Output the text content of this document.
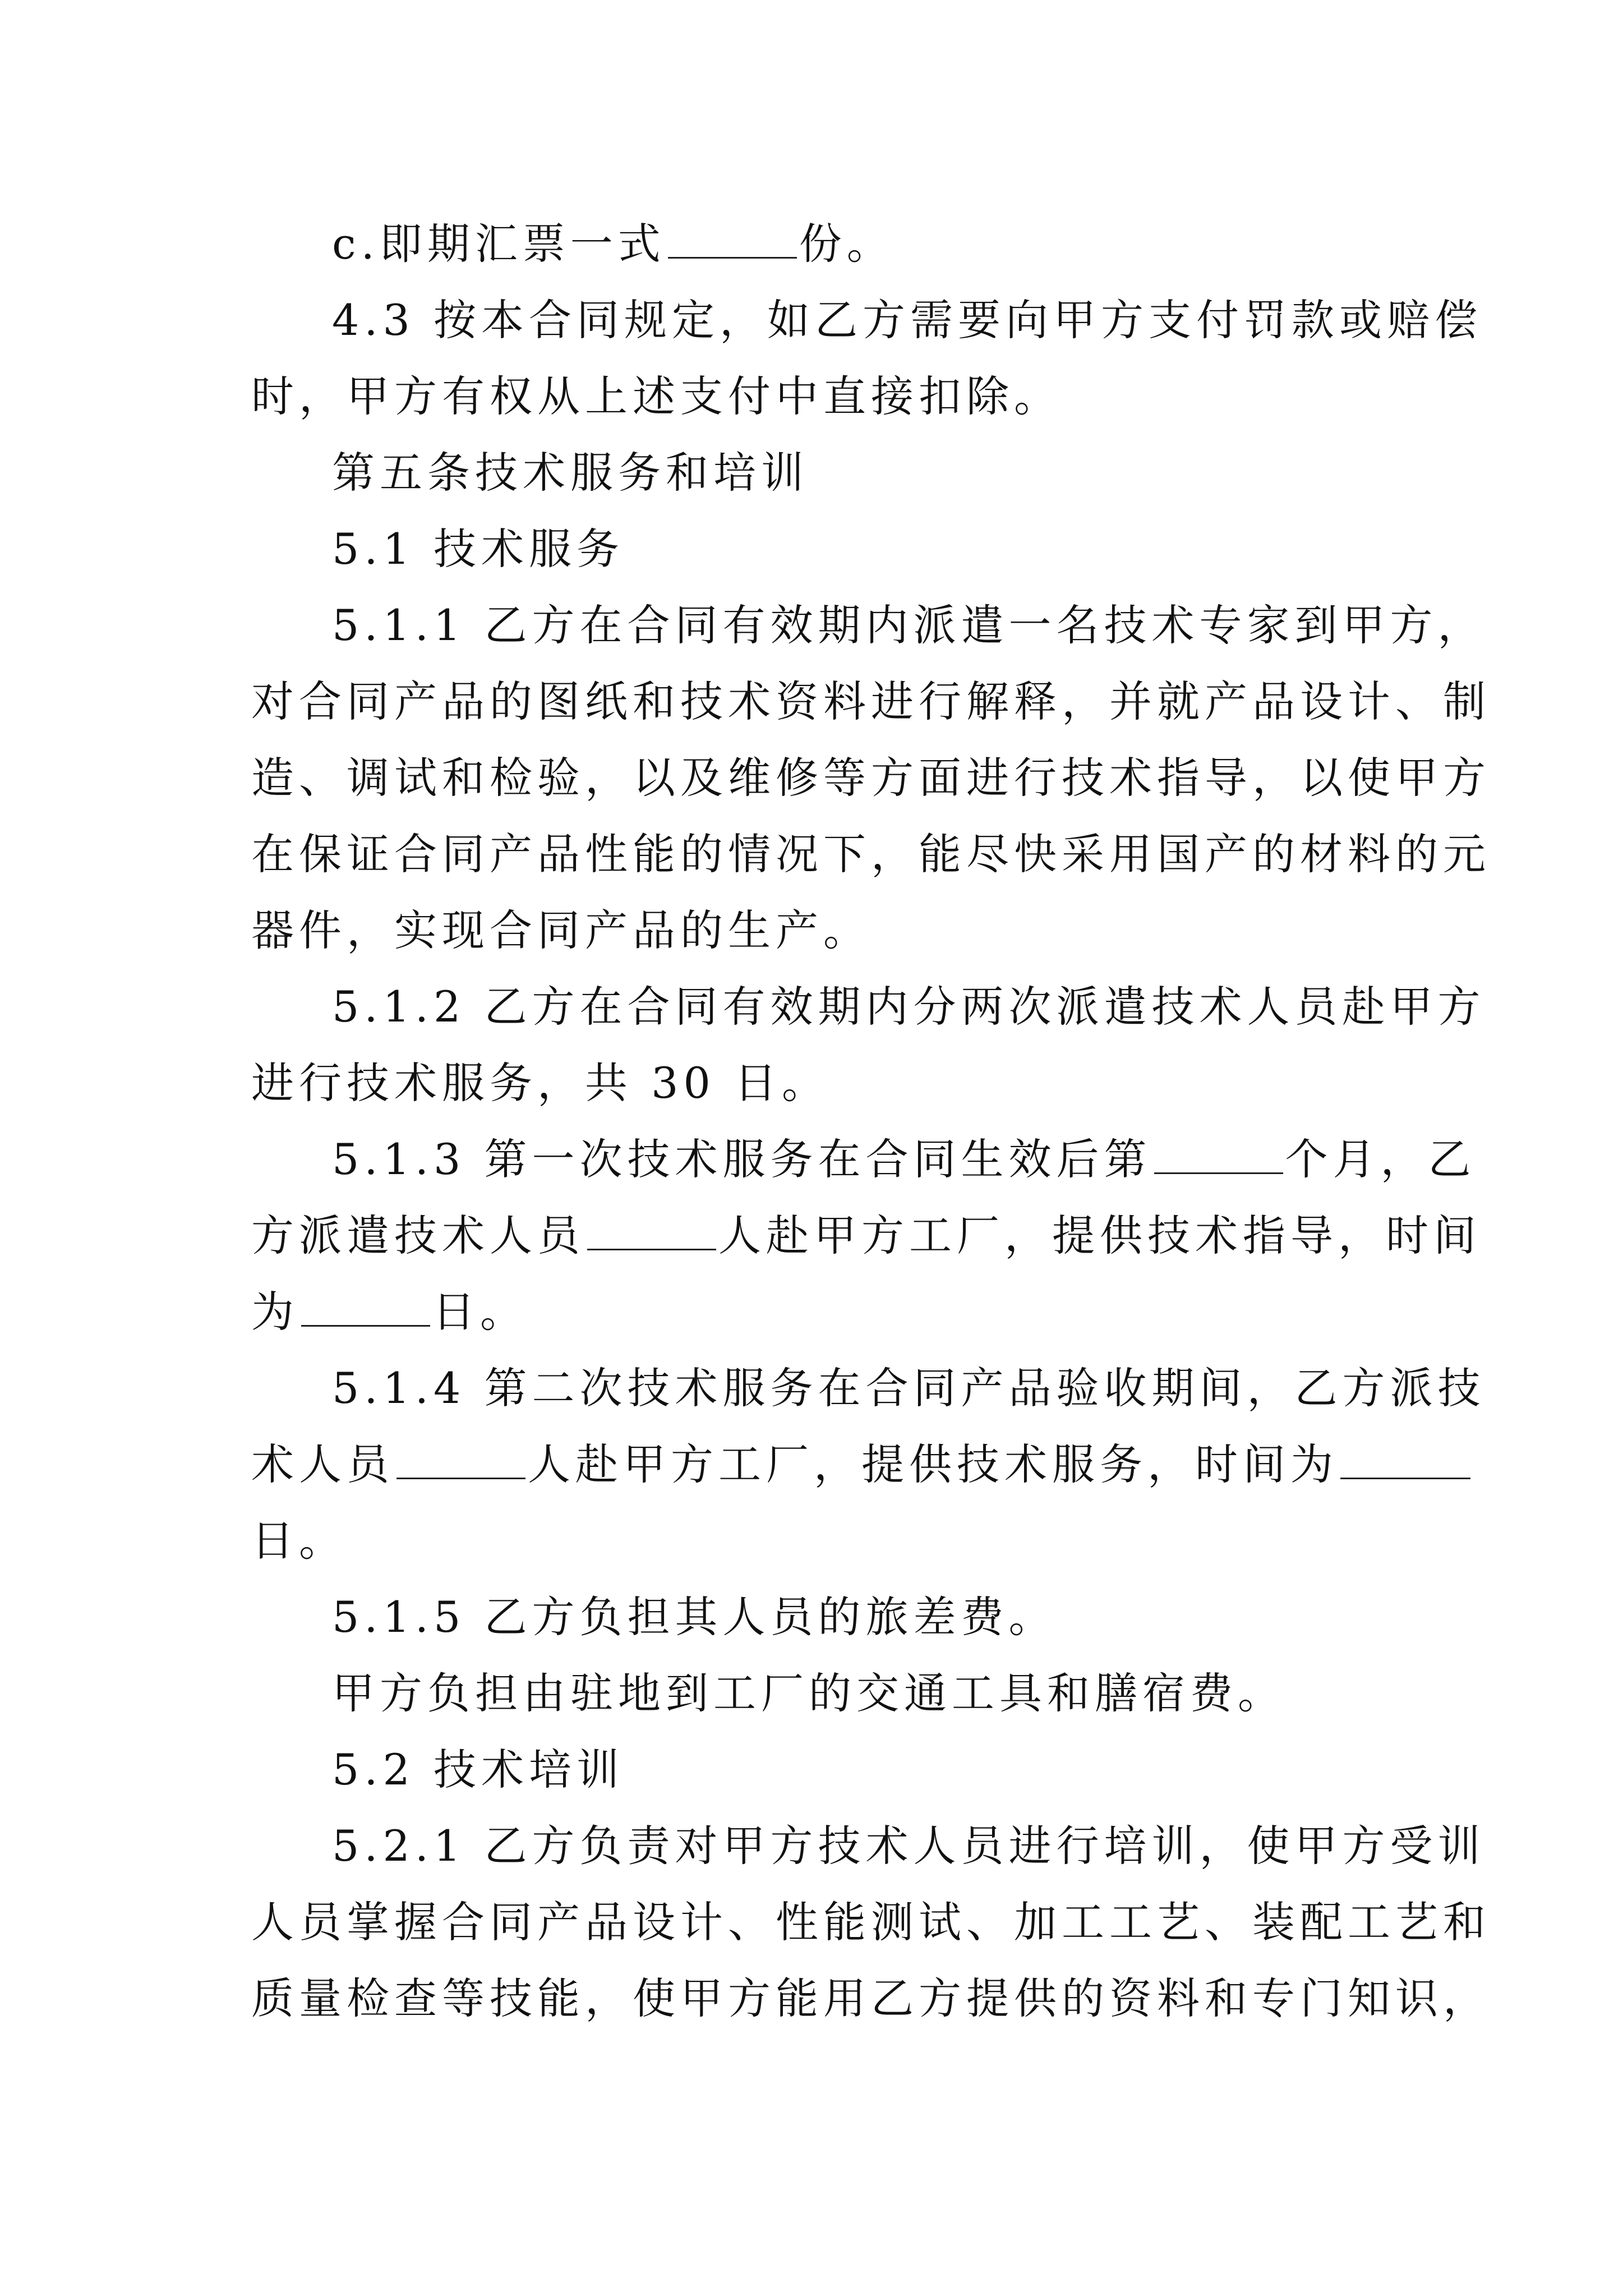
c.即期汇票一式	份。
4.3 按本合同规定，如乙方需要向甲方支付罚款或赔偿
时，甲方有权从上述支付中直接扣除。
第五条技术服务和培训
5.1 技术服务
5.1.1 乙方在合同有效期内派遣一名技术专家到甲方，
对合同产品的图纸和技术资料进行解释，并就产品设计、制
造、调试和检验，以及维修等方面进行技术指导，以使甲方
在保证合同产品性能的情况下，能尽快采用国产的材料的元
器件，实现合同产品的生产。
5.1.2 乙方在合同有效期内分两次派遣技术人员赴甲方
进行技术服务，共 30 日。
5.1.3 第一次技术服务在合同生效后第	个月，乙
方派遣技术人员	人赴甲方工厂，提供技术指导，时间
为	日。
5.1.4 第二次技术服务在合同产品验收期间，乙方派技
术人员	人赴甲方工厂，提供技术服务，时间为
日。
5.1.5 乙方负担其人员的旅差费。
甲方负担由驻地到工厂的交通工具和膳宿费。
5.2 技术培训
5.2.1 乙方负责对甲方技术人员进行培训，使甲方受训
人员掌握合同产品设计、性能测试、加工工艺、装配工艺和
质量检查等技能，使甲方能用乙方提供的资料和专门知识，
